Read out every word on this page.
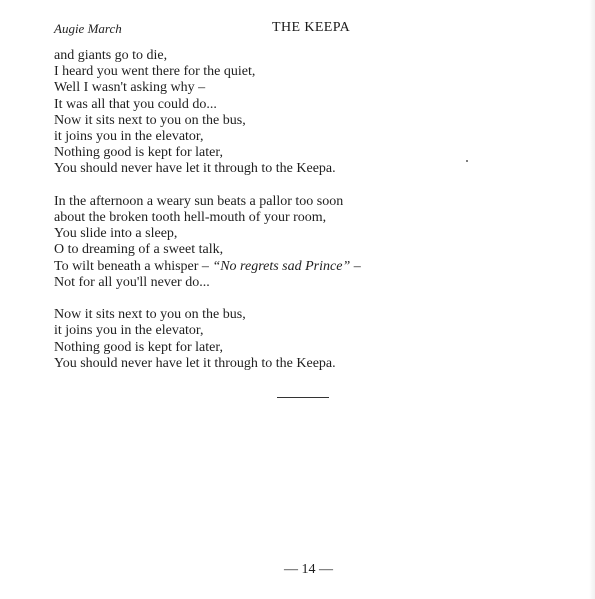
Augie March	THE KEEPA
and giants go to die,
I heard you went there for the quiet,
Well I wasn't asking why –
It was all that you could do...
Now it sits next to you on the bus,
it joins you in the elevator,
Nothing good is kept for later,
You should never have let it through to the Keepa.
In the afternoon a weary sun beats a pallor too soon
about the broken tooth hell-mouth of your room,
You slide into a sleep,
O to dreaming of a sweet talk,
To wilt beneath a whisper – “No regrets sad Prince” –
Not for all you'll never do...
Now it sits next to you on the bus,
it joins you in the elevator,
Nothing good is kept for later,
You should never have let it through to the Keepa.
— 14 —
